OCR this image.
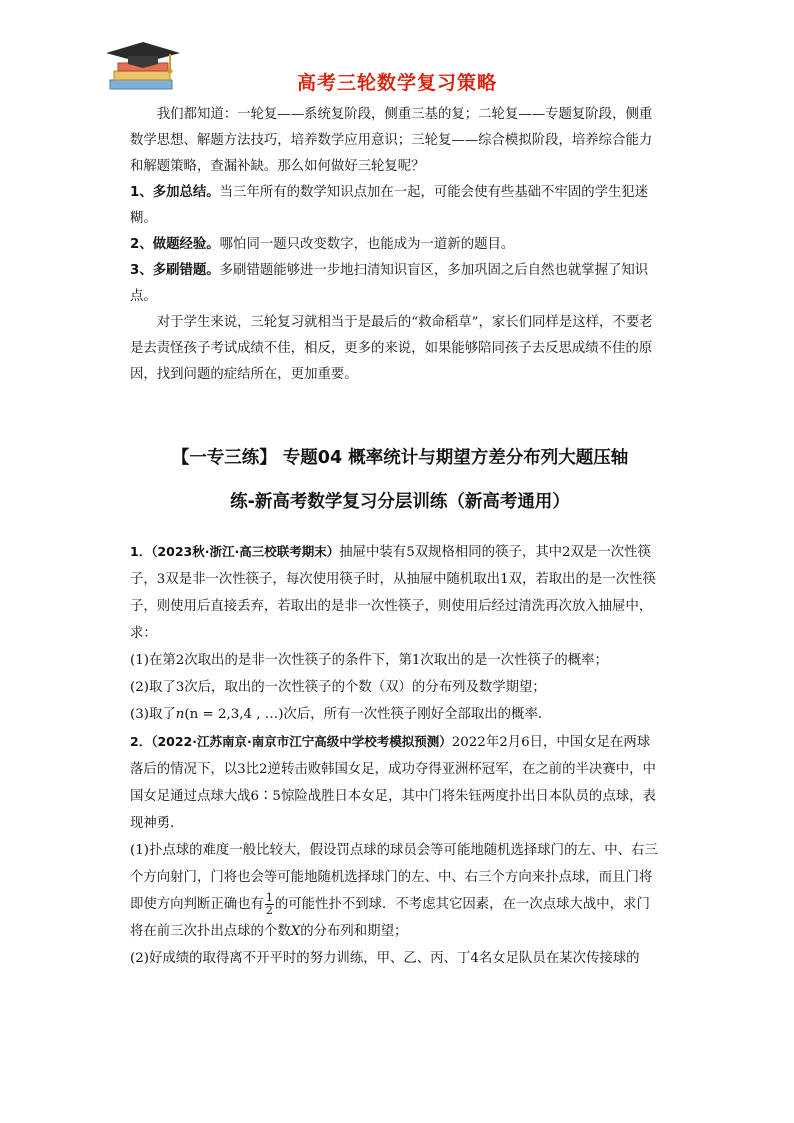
高考三轮数学复习策略

我们都知道：一轮复——系统复阶段，侧重三基的复；二轮复——专题复阶段，侧重数学思想、解题方法技巧，培养数学应用意识；三轮复——综合模拟阶段，培养综合能力和解题策略，查漏补缺。那么如何做好三轮复呢？

1、多加总结。当三年所有的数学知识点加在一起，可能会使有些基础不牢固的学生犯迷糊。

2、做题经验。哪怕同一题只改变数字，也能成为一道新的题目。

3、多刷错题。多刷错题能够进一步地扫清知识盲区，多加巩固之后自然也就掌握了知识点。

对于学生来说，三轮复习就相当于是最后的“救命稻草”，家长们同样是这样，不要老是去责怪孩子考试成绩不佳，相反，更多的来说，如果能够陪同孩子去反思成绩不佳的原因，找到问题的症结所在，更加重要。

【一专三练】 专题04 概率统计与期望方差分布列大题压轴
练-新高考数学复习分层训练（新高考通用）

1．（2023秋·浙江·高三校联考期末）抽屉中装有5双规格相同的筷子，其中2双是一次性筷子，3双是非一次性筷子，每次使用筷子时，从抽屉中随机取出1双，若取出的是一次性筷子，则使用后直接丢弃，若取出的是非一次性筷子，则使用后经过清洗再次放入抽屉中，求：

(1)在第2次取出的是非一次性筷子的条件下，第1次取出的是一次性筷子的概率；

(2)取了3次后，取出的一次性筷子的个数（双）的分布列及数学期望；

(3)取了n(n = 2,3,4 , …)次后，所有一次性筷子刚好全部取出的概率．

2．（2022·江苏南京·南京市江宁高级中学校考模拟预测）2022年2月6日，中国女足在两球落后的情况下，以3比2逆转击败韩国女足，成功夺得亚洲杯冠军，在之前的半决赛中，中国女足通过点球大战6∶5惊险战胜日本女足，其中门将朱钰两度扑出日本队员的点球，表现神勇．

(1)扑点球的难度一般比较大，假设罚点球的球员会等可能地随机选择球门的左、中、右三个方向射门，门将也会等可能地随机选择球门的左、中、右三个方向来扑点球，而且门将即使方向判断正确也有 $\frac{1}{2}$ 的可能性扑不到球．不考虑其它因素，在一次点球大战中，求门将在前三次扑出点球的个数X的分布列和期望；

(2)好成绩的取得离不开平时的努力训练，甲、乙、丙、丁4名女足队员在某次传接球的
